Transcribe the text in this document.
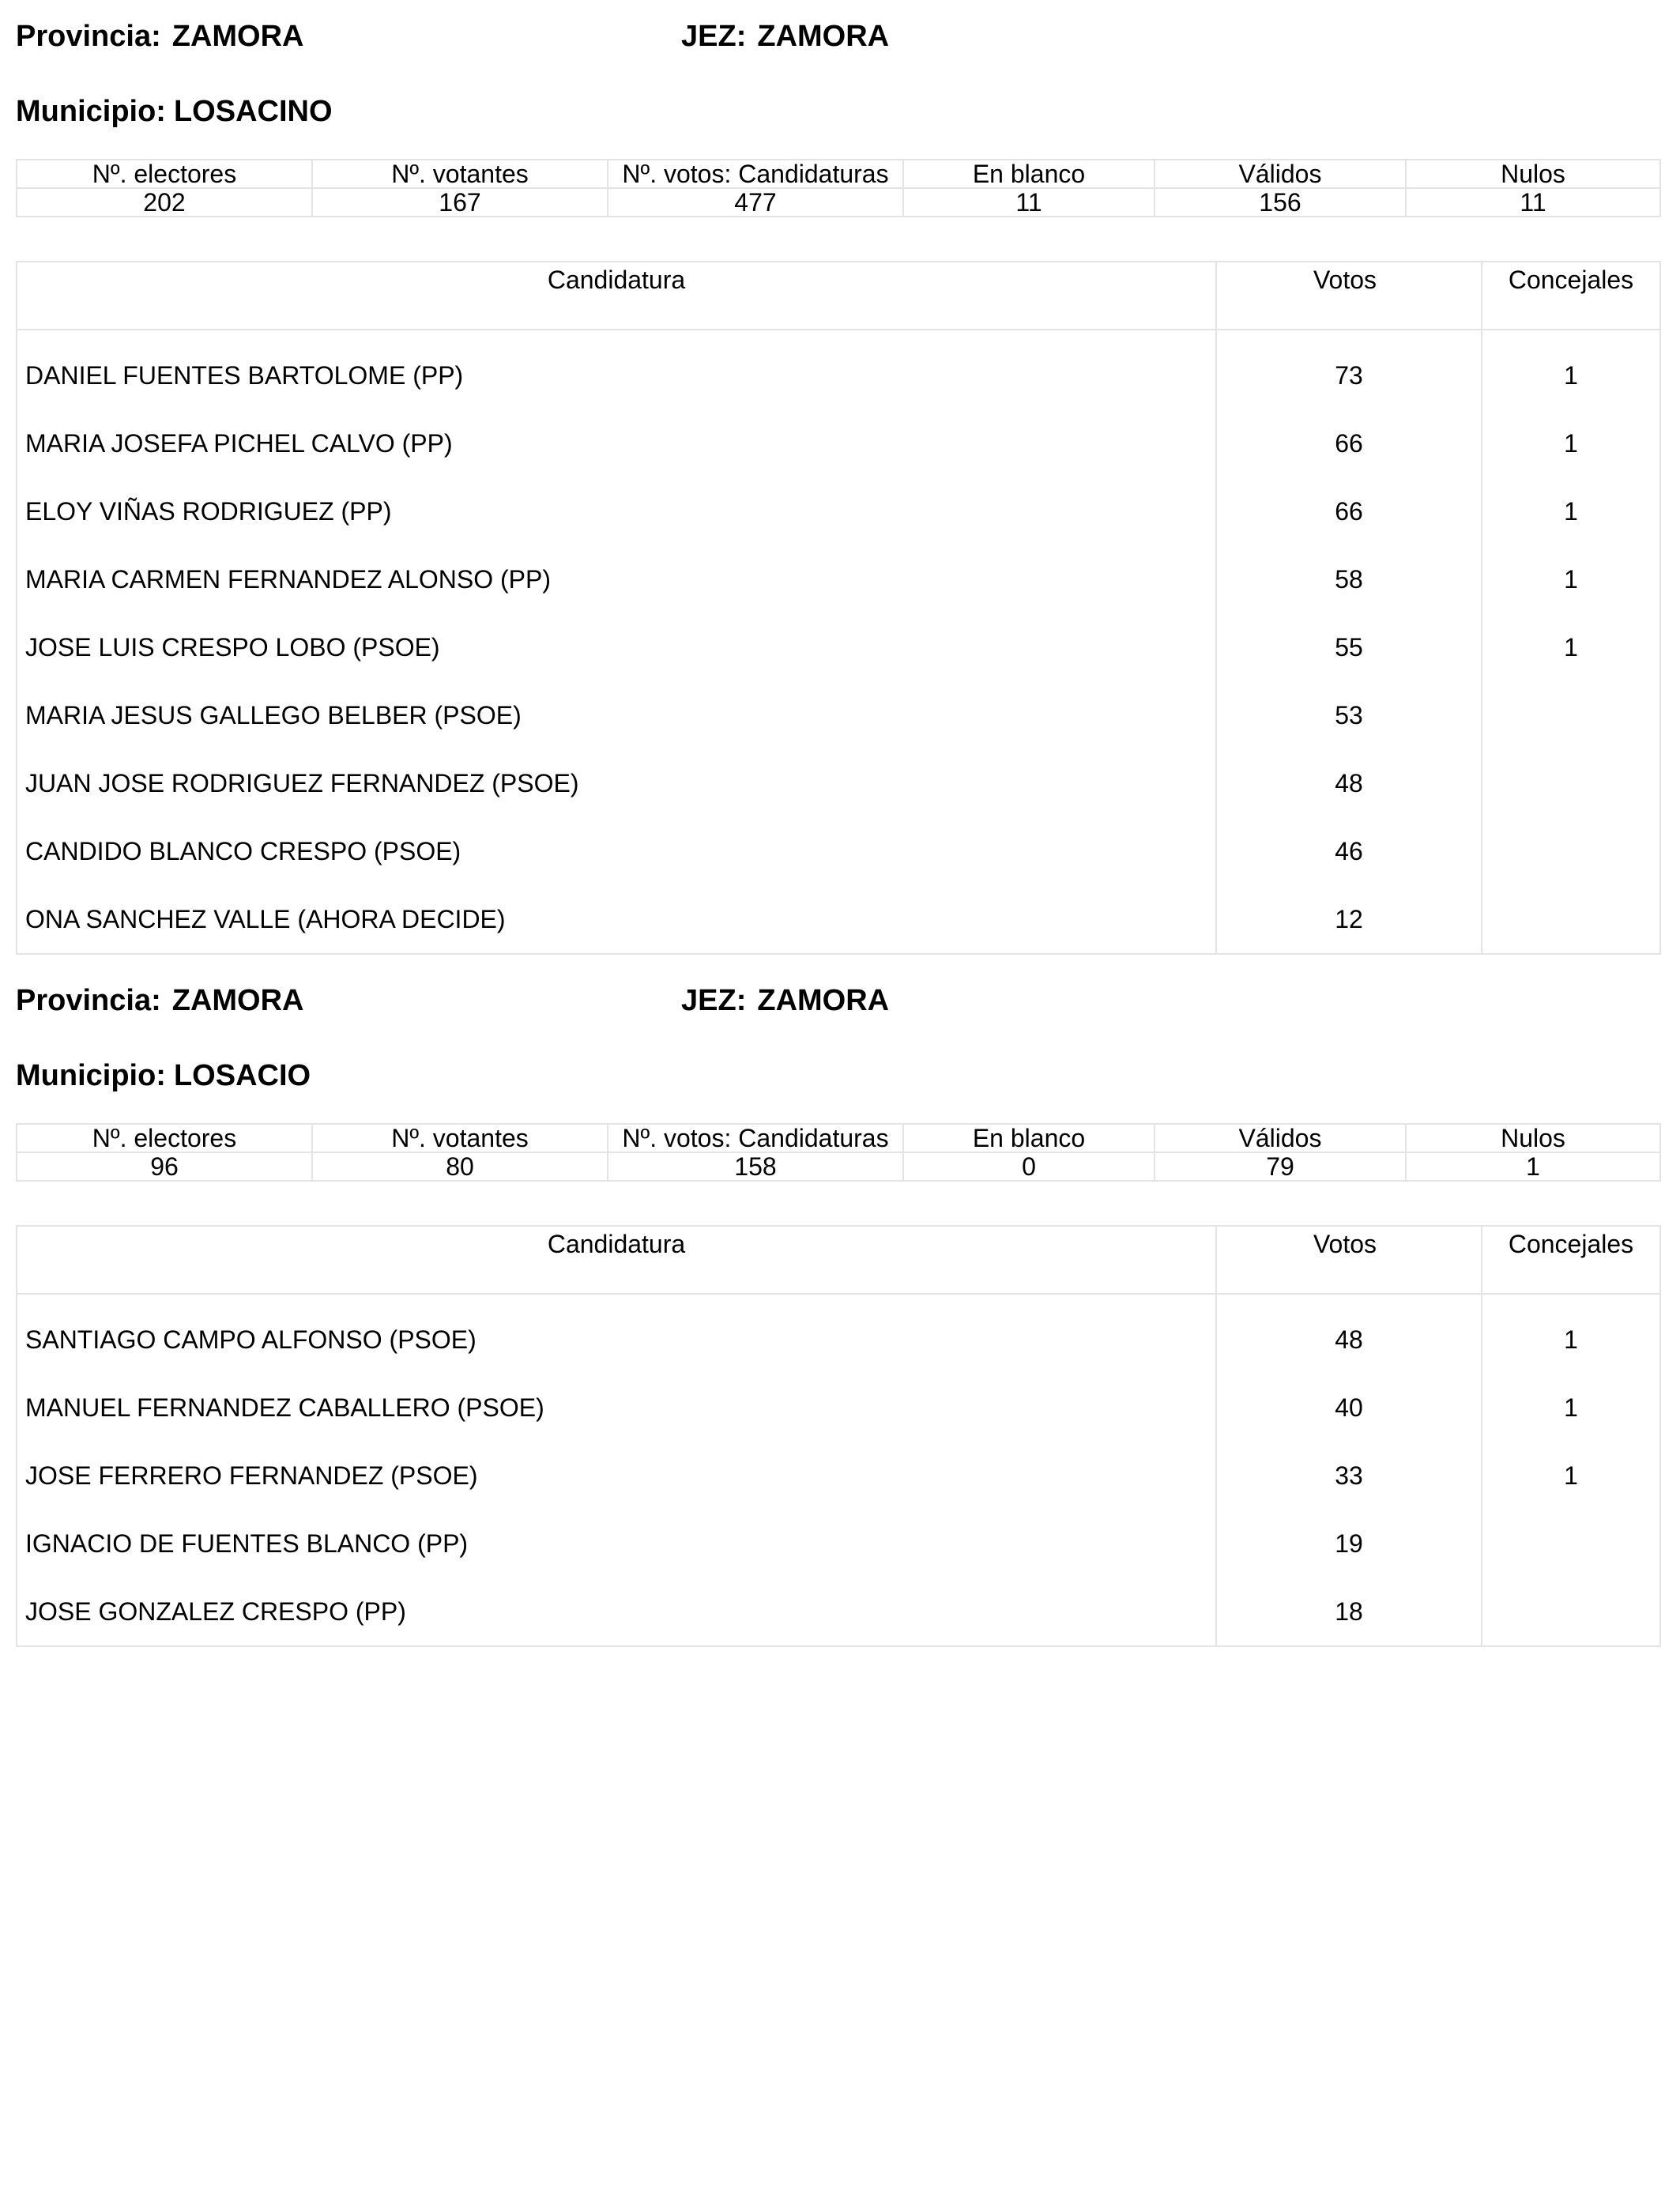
Provincia: ZAMORA	JEZ: ZAMORA
Municipio: LOSACINO
Nº. electores	Nº. votantes	Nº. votos: Candidaturas	En blanco	Válidos	Nulos
202	167	477	11	156	11
Candidatura	Votos	Concejales
DANIEL FUENTES BARTOLOME (PP)	73	1
MARIA JOSEFA PICHEL CALVO (PP)	66	1
ELOY VIÑAS RODRIGUEZ (PP)	66	1
MARIA CARMEN FERNANDEZ ALONSO (PP)	58	1
JOSE LUIS CRESPO LOBO (PSOE)	55	1
MARIA JESUS GALLEGO BELBER (PSOE)	53	
JUAN JOSE RODRIGUEZ FERNANDEZ (PSOE)	48	
CANDIDO BLANCO CRESPO (PSOE)	46	
ONA SANCHEZ VALLE (AHORA DECIDE)	12	
Provincia: ZAMORA	JEZ: ZAMORA
Municipio: LOSACIO
Nº. electores	Nº. votantes	Nº. votos: Candidaturas	En blanco	Válidos	Nulos
96	80	158	0	79	1
Candidatura	Votos	Concejales
SANTIAGO CAMPO ALFONSO (PSOE)	48	1
MANUEL FERNANDEZ CABALLERO (PSOE)	40	1
JOSE FERRERO FERNANDEZ (PSOE)	33	1
IGNACIO DE FUENTES BLANCO (PP)	19	
JOSE GONZALEZ CRESPO (PP)	18	
